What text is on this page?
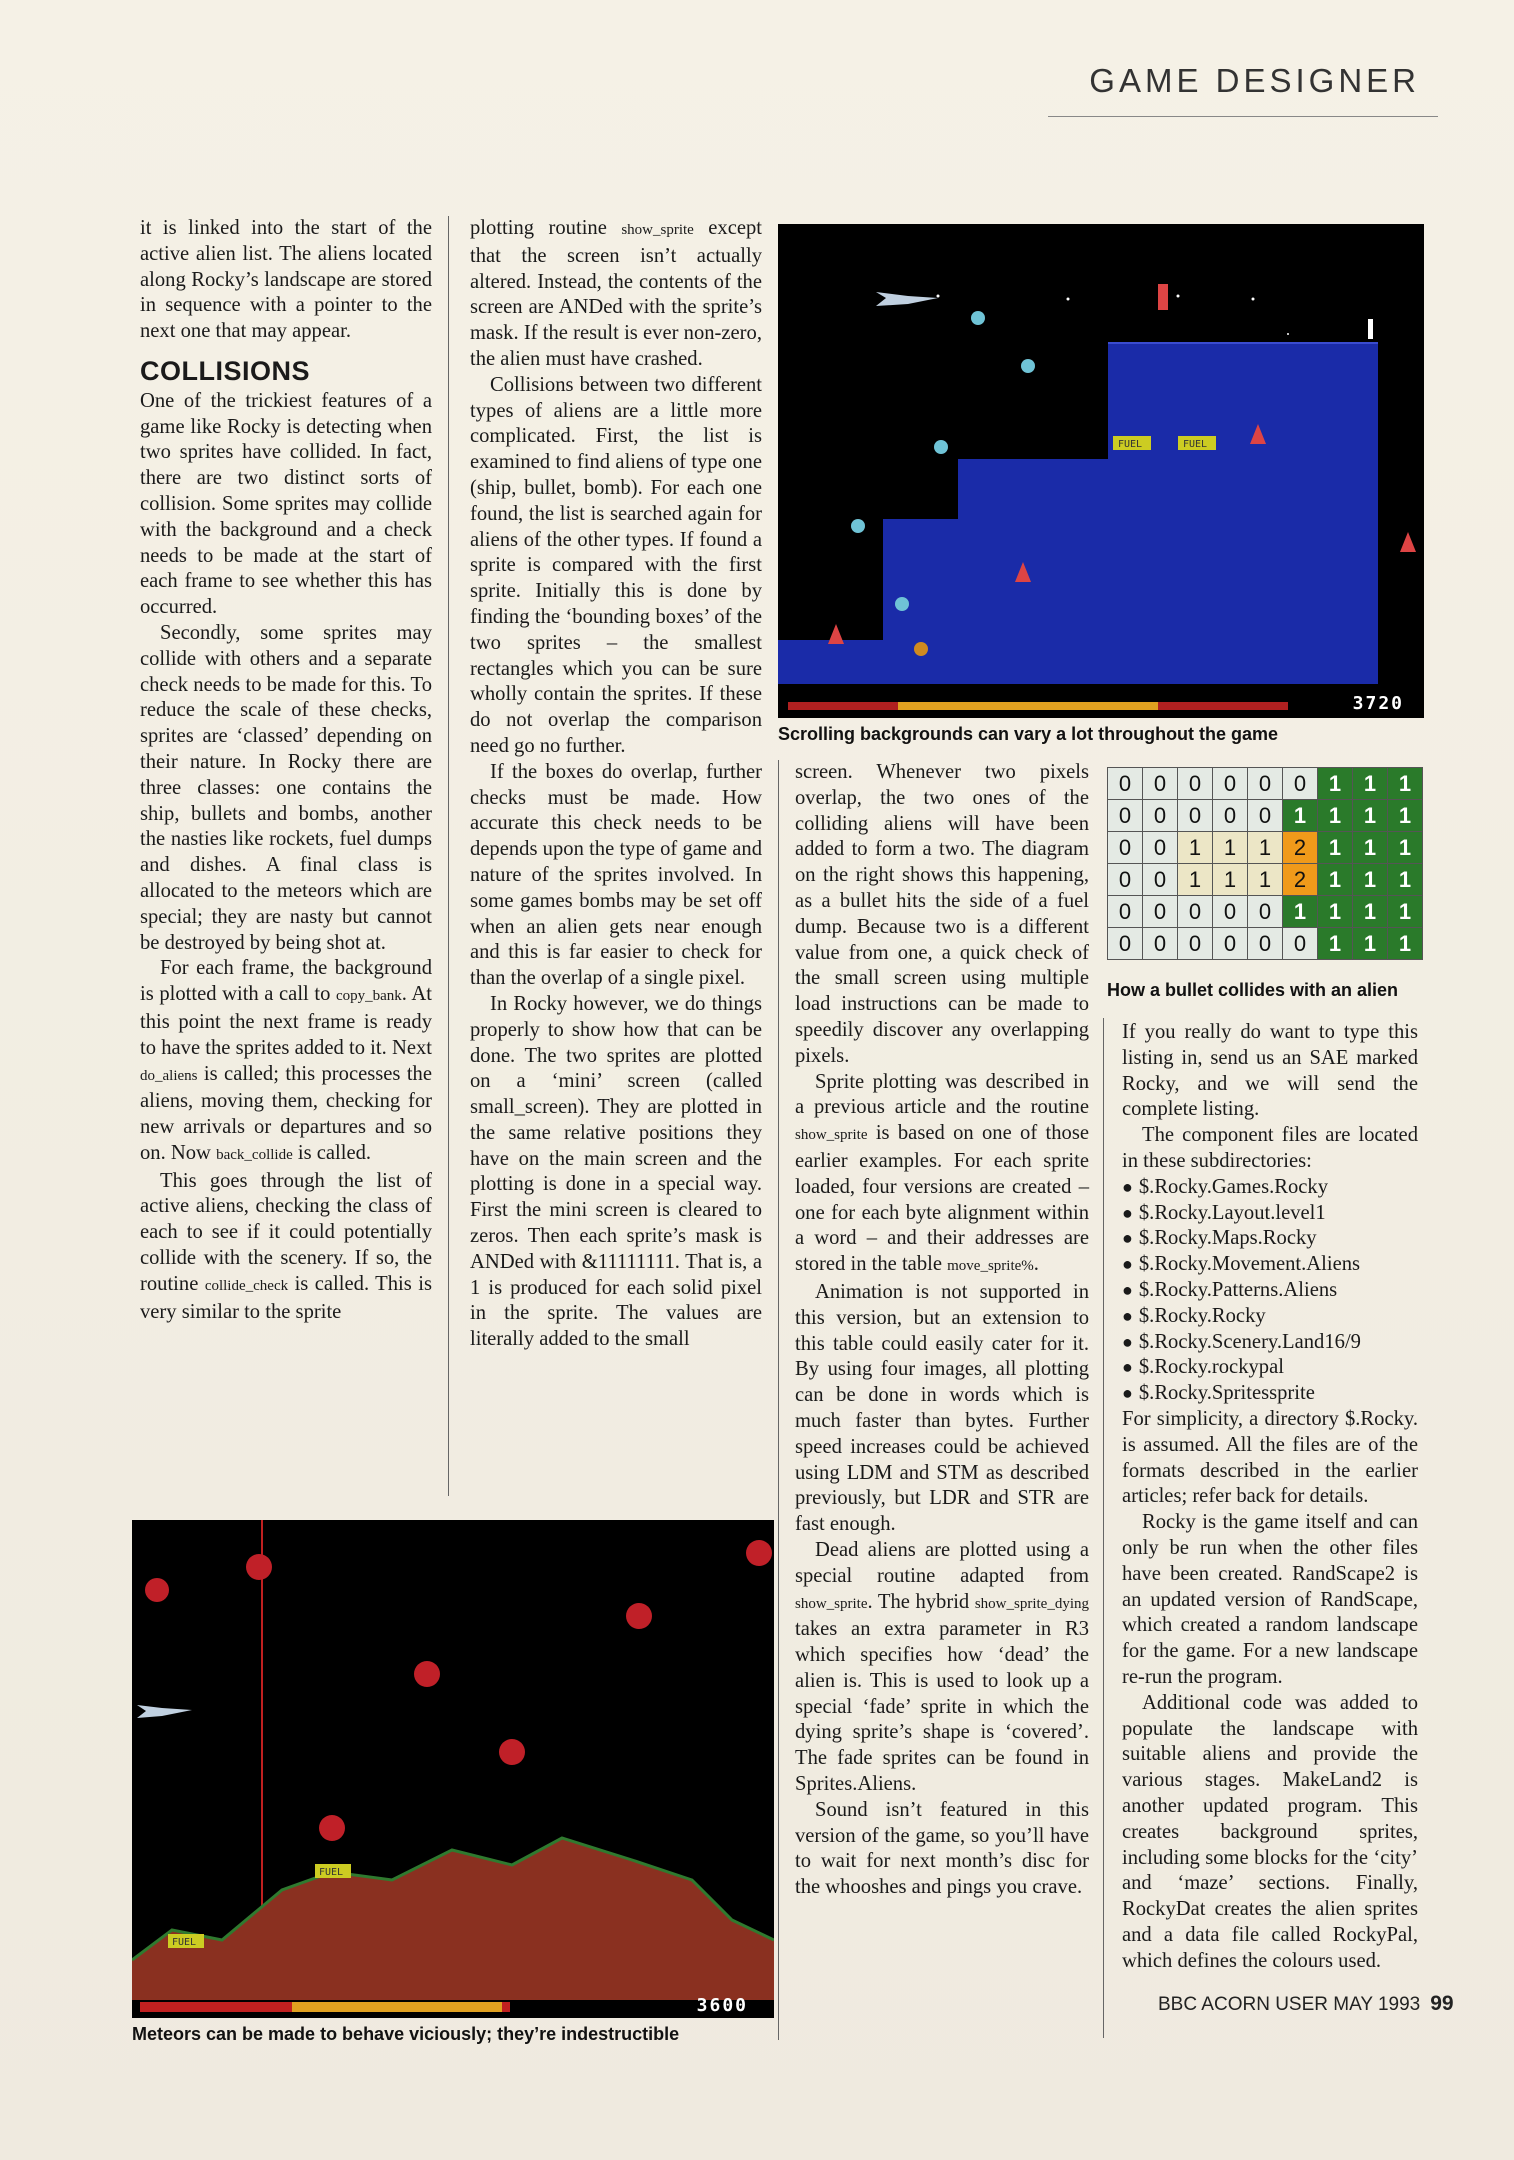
GAME DESIGNER

it is linked into the start of the active alien list. The aliens located along Rocky’s landscape are stored in sequence with a pointer to the next one that may appear.

COLLISIONS

One of the trickiest features of a game like Rocky is detecting when two sprites have collided. In fact, there are two distinct sorts of collision. Some sprites may collide with the background and a check needs to be made at the start of each frame to see whether this has occurred.

Secondly, some sprites may collide with others and a separate check needs to be made for this. To reduce the scale of these checks, sprites are ‘classed’ depending on their nature. In Rocky there are three classes: one contains the ship, bullets and bombs, another the nasties like rockets, fuel dumps and dishes. A final class is allocated to the meteors which are special; they are nasty but cannot be destroyed by being shot at.

For each frame, the background is plotted with a call to copy_bank. At this point the next frame is ready to have the sprites added to it. Next do_aliens is called; this processes the aliens, moving them, checking for new arrivals or departures and so on. Now back_collide is called.

This goes through the list of active aliens, checking the class of each to see if it could potentially collide with the scenery. If so, the routine collide_check is called. This is very similar to the sprite

plotting routine show_sprite except that the screen isn’t actually altered. Instead, the contents of the screen are ANDed with the sprite’s mask. If the result is ever non-zero, the alien must have crashed.

Collisions between two different types of aliens are a little more complicated. First, the list is examined to find aliens of type one (ship, bullet, bomb). For each one found, the list is searched again for aliens of the other types. If found a sprite is compared with the first sprite. Initially this is done by finding the ‘bounding boxes’ of the two sprites – the smallest rectangles which you can be sure wholly contain the sprites. If these do not overlap the comparison need go no further.

If the boxes do overlap, further checks must be made. How accurate this check needs to be depends upon the type of game and nature of the sprites involved. In some games bombs may be set off when an alien gets near enough and this is far easier to check for than the overlap of a single pixel.

In Rocky however, we do things properly to show how that can be done. The two sprites are plotted on a ‘mini’ screen (called small_screen). They are plotted in the same relative positions they have on the main screen and the plotting is done in a special way. First the mini screen is cleared to zeros. Then each sprite’s mask is ANDed with &11111111. That is, a 1 is produced for each solid pixel in the sprite. The values are literally added to the small

FUEL	FUEL
3720
Scrolling backgrounds can vary a lot throughout the game

screen. Whenever two pixels overlap, the two ones of the colliding aliens will have been added to form a two. The diagram on the right shows this happening, as a bullet hits the side of a fuel dump. Because two is a different value from one, a quick check of the small screen using multiple load instructions can be made to speedily discover any overlapping pixels.

Sprite plotting was described in a previous article and the routine show_sprite is based on one of those earlier examples. For each sprite loaded, four versions are created – one for each byte alignment within a word – and their addresses are stored in the table move_sprite%.

Animation is not supported in this version, but an extension to this table could easily cater for it. By using four images, all plotting can be done in words which is much faster than bytes. Further speed increases could be achieved using LDM and STM as described previously, but LDR and STR are fast enough.

Dead aliens are plotted using a special routine adapted from show_sprite. The hybrid show_sprite_dying takes an extra parameter in R3 which specifies how ‘dead’ the alien is. This is used to look up a special ‘fade’ sprite in which the dying sprite’s shape is ‘covered’. The fade sprites can be found in Sprites.Aliens.

Sound isn’t featured in this version of the game, so you’ll have to wait for next month’s disc for the whooshes and pings you crave.

0	0	0	0	0	0	1	1	1
0	0	0	0	0	1	1	1	1
0	0	1	1	1	2	1	1	1
0	0	1	1	1	2	1	1	1
0	0	0	0	0	1	1	1	1
0	0	0	0	0	0	1	1	1
How a bullet collides with an alien

If you really do want to type this listing in, send us an SAE marked Rocky, and we will send the complete listing.

The component files are located in these subdirectories:

● $.Rocky.Games.Rocky
● $.Rocky.Layout.level1
● $.Rocky.Maps.Rocky
● $.Rocky.Movement.Aliens
● $.Rocky.Patterns.Aliens
● $.Rocky.Rocky
● $.Rocky.Scenery.Land16/9
● $.Rocky.rockypal
● $.Rocky.Spritessprite

For simplicity, a directory $.Rocky. is assumed. All the files are of the formats described in the earlier articles; refer back for details.

Rocky is the game itself and can only be run when the other files have been created. RandScape2 is an updated version of RandScape, which created a random landscape for the game. For a new landscape re-run the program.

Additional code was added to populate the landscape with suitable aliens and provide the various stages. MakeLand2 is another updated program. This creates background sprites, including some blocks for the ‘city’ and ‘maze’ sections. Finally, RockyDat creates the alien sprites and a data file called RockyPal, which defines the colours used.

FUEL
FUEL
3600
Meteors can be made to behave viciously; they’re indestructible
BBC ACORN USER MAY 1993 99
